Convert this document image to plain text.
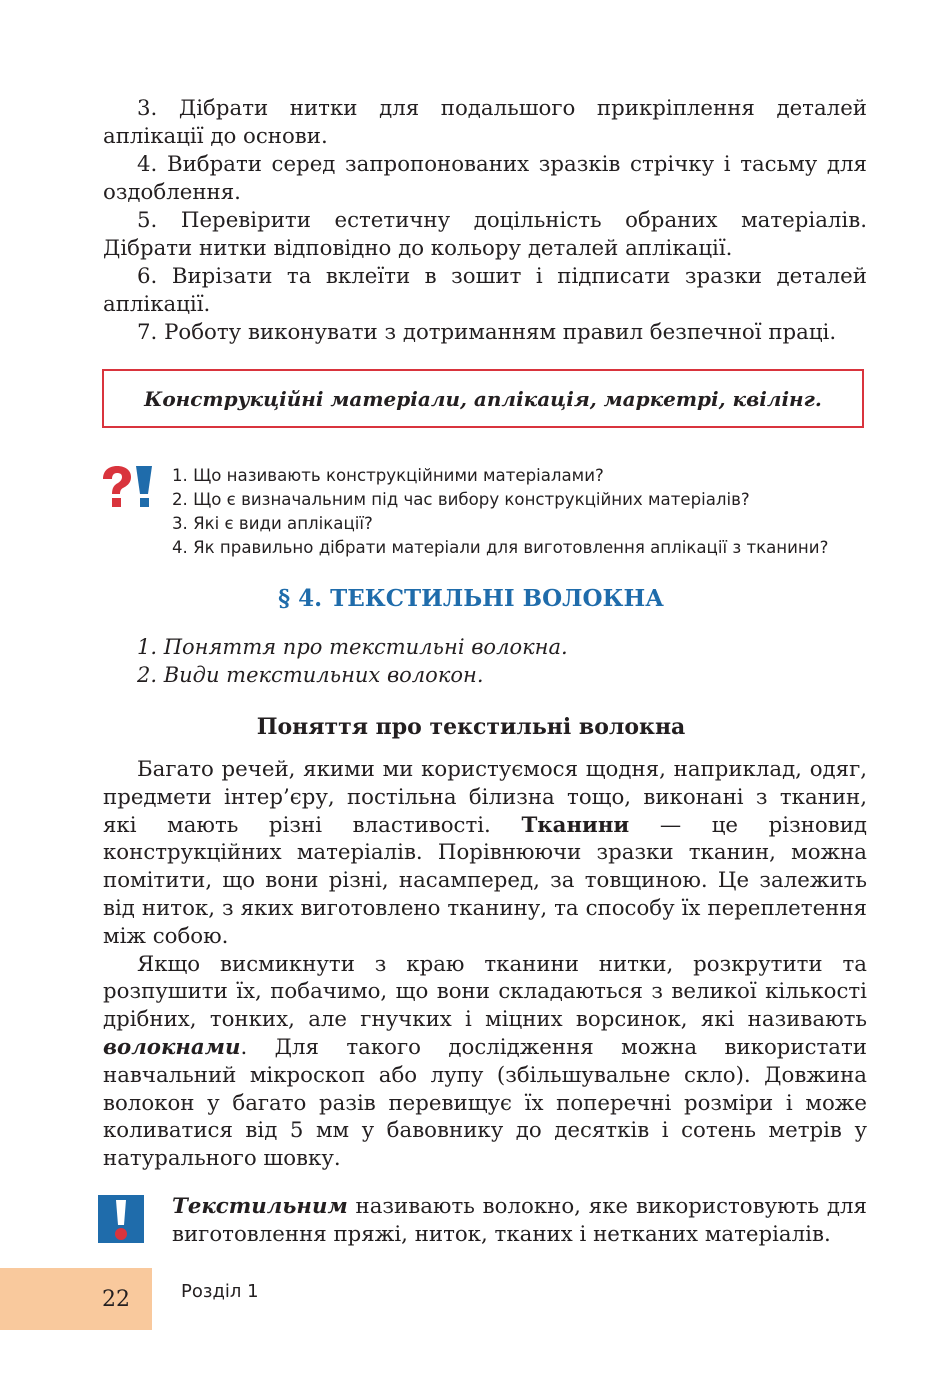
3. Дібрати нитки для подальшого прикріплення деталей аплікації до основи.

4. Вибрати серед запропонованих зразків стрічку і тасьму для оздоблення.

5. Перевірити естетичну доцільність обраних матеріалів. Дібрати нитки відповідно до кольору деталей аплікації.

6. Вирізати та вклеїти в зошит і підписати зразки деталей аплікації.

7. Роботу виконувати з дотриманням правил безпечної праці.

Конструкційні матеріали, аплікація, маркетрі, квілінг.
1. Що називають конструкційними матеріалами?
2. Що є визначальним під час вибору конструкційних матеріалів?
3. Які є види аплікації?
4. Як правильно дібрати матеріали для виготовлення аплікації з тканини?
§ 4. ТЕКСТИЛЬНІ ВОЛОКНА
1. Поняття про текстильні волокна.
2. Види текстильних волокон.
Поняття про текстильні волокна

Багато речей, якими ми користуємося щодня, наприклад, одяг, предмети інтер’єру, постільна білизна тощо, виконані з тканин, які мають різні властивості. Тканини — це різновид конструкційних матеріалів. Порівнюючи зразки тканин, можна помітити, що вони різні, насамперед, за товщиною. Це залежить від ниток, з яких виготовлено тканину, та способу їх переплетення між собою.

Якщо висмикнути з краю тканини нитки, розкрутити та розпушити їх, побачимо, що вони складаються з великої кількості дрібних, тонких, але гнучких і міцних ворсинок, які називають волокнами. Для такого дослідження можна використати навчальний мікроскоп або лупу (збільшувальне скло). Довжина волокон у багато разів перевищує їх поперечні розміри і може коливатися від 5 мм у бавовнику до десятків і сотень метрів у натурального шовку.

Текстильним називають волокно, яке використовують для виготовлення пряжі, ниток, тканих і нетканих матеріалів.
22	Розділ 1
